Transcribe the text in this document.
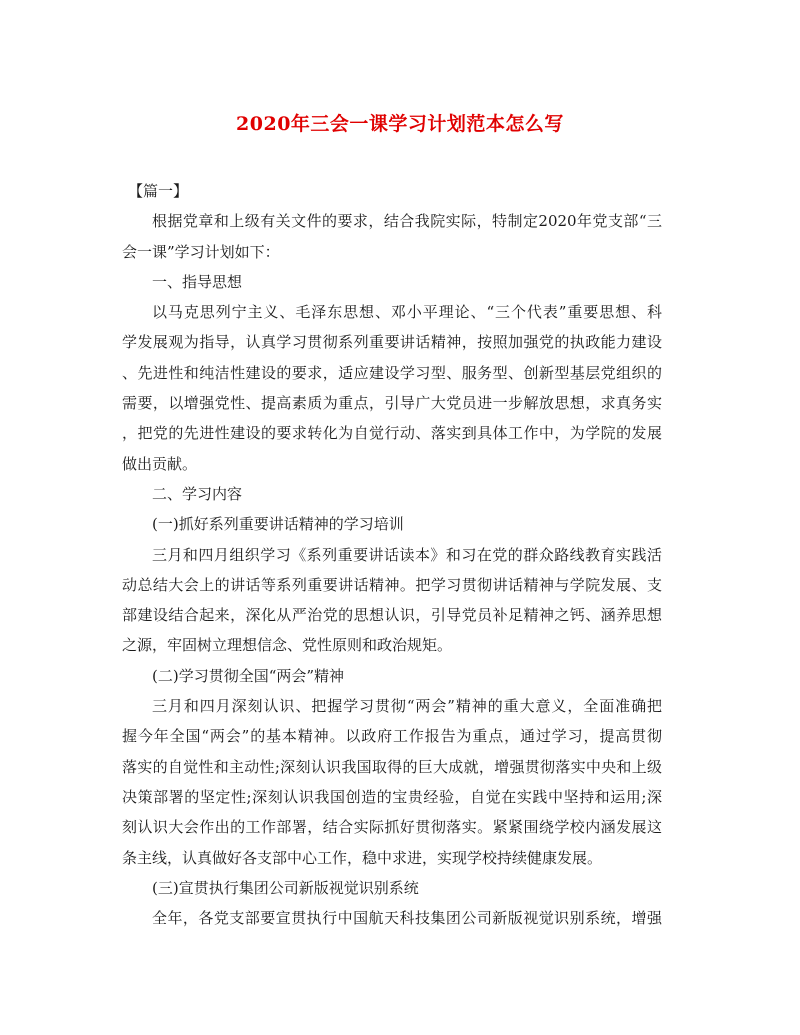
2020年三会一课学习计划范本怎么写
【篇一】
根据党章和上级有关文件的要求，结合我院实际，特制定2020年党支部“三
会一课”学习计划如下：
一、指导思想
以马克思列宁主义、毛泽东思想、邓小平理论、“三个代表”重要思想、科
学发展观为指导，认真学习贯彻系列重要讲话精神，按照加强党的执政能力建设
、先进性和纯洁性建设的要求，适应建设学习型、服务型、创新型基层党组织的
需要，以增强党性、提高素质为重点，引导广大党员进一步解放思想，求真务实
，把党的先进性建设的要求转化为自觉行动、落实到具体工作中，为学院的发展
做出贡献。
二、学习内容
(一)抓好系列重要讲话精神的学习培训
三月和四月组织学习《系列重要讲话读本》和习在党的群众路线教育实践活
动总结大会上的讲话等系列重要讲话精神。把学习贯彻讲话精神与学院发展、支
部建设结合起来，深化从严治党的思想认识，引导党员补足精神之钙、涵养思想
之源，牢固树立理想信念、党性原则和政治规矩。
(二)学习贯彻全国“两会”精神
三月和四月深刻认识、把握学习贯彻“两会”精神的重大意义，全面准确把
握今年全国“两会”的基本精神。以政府工作报告为重点，通过学习，提高贯彻
落实的自觉性和主动性;深刻认识我国取得的巨大成就，增强贯彻落实中央和上级
决策部署的坚定性;深刻认识我国创造的宝贵经验，自觉在实践中坚持和运用;深
刻认识大会作出的工作部署，结合实际抓好贯彻落实。紧紧围绕学校内涵发展这
条主线，认真做好各支部中心工作，稳中求进，实现学校持续健康发展。
(三)宣贯执行集团公司新版视觉识别系统
全年，各党支部要宣贯执行中国航天科技集团公司新版视觉识别系统，增强
